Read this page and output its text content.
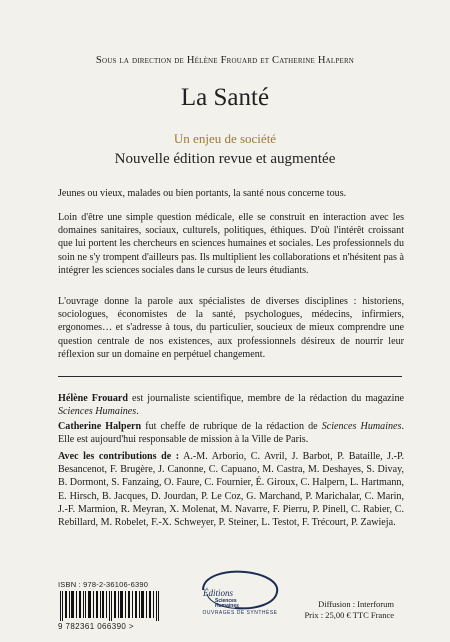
Sous la direction de Hélène Frouard et Catherine Halpern
La Santé
Un enjeu de société
Nouvelle édition revue et augmentée
Jeunes ou vieux, malades ou bien portants, la santé nous concerne tous.
Loin d'être une simple question médicale, elle se construit en interaction avec les domaines sanitaires, sociaux, culturels, politiques, éthiques. D'où l'intérêt croissant que lui portent les chercheurs en sciences humaines et sociales. Les professionnels du soin ne s'y trompent d'ailleurs pas. Ils multiplient les collaborations et n'hésitent pas à intégrer les sciences sociales dans le cursus de leurs étudiants.
L'ouvrage donne la parole aux spécialistes de diverses disciplines : historiens, sociologues, économistes de la santé, psychologues, médecins, infirmiers, ergonomes… et s'adresse à tous, du particulier, soucieux de mieux comprendre une question centrale de nos existences, aux professionnels désireux de nourrir leur réflexion sur un domaine en perpétuel changement.
Hélène Frouard est journaliste scientifique, membre de la rédaction du magazine Sciences Humaines.
Catherine Halpern fut cheffe de rubrique de la rédaction de Sciences Humaines. Elle est aujourd'hui responsable de mission à la Ville de Paris.
Avec les contributions de : A.-M. Arborio, C. Avril, J. Barbot, P. Bataille, J.-P. Besancenot, F. Brugère, J. Canonne, C. Capuano, M. Castra, M. Deshayes, S. Divay, B. Dormont, S. Fanzaing, O. Faure, C. Fournier, É. Giroux, C. Halpern, L. Hartmann, E. Hirsch, B. Jacques, D. Jourdan, P. Le Coz, G. Marchand, P. Marichalar, C. Marin, J.-F. Marmion, R. Meyran, X. Molenat, M. Navarre, F. Pierru, P. Pinell, C. Rabier, C. Rebillard, M. Robelet, F.-X. Schweyer, P. Steiner, L. Testot, F. Trécourt, P. Zawieja.
ISBN : 978-2-36106-6390
9 782361 066390 >
Éditions
Sciences
Humaines
OUVRAGES DE SYNTHÈSE
Diffusion : Interforum
Prix : 25,00 € TTC France
